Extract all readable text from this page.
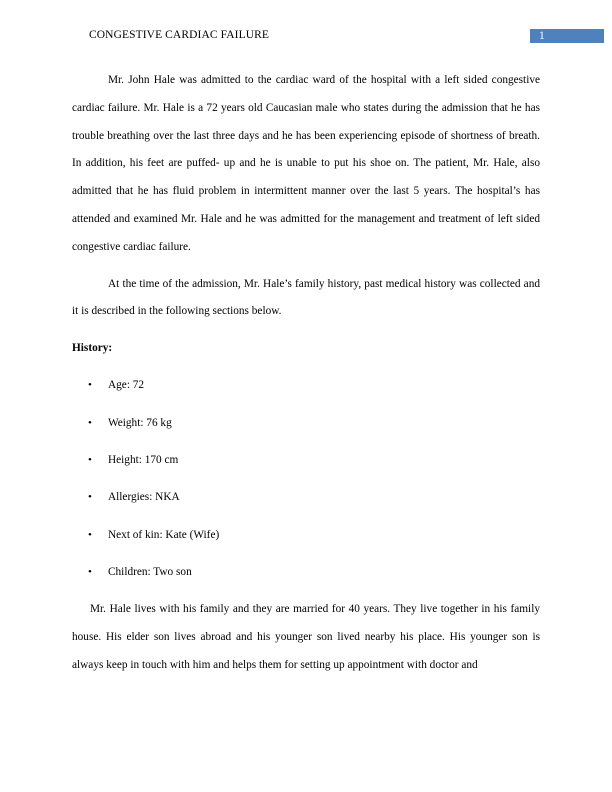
CONGESTIVE CARDIAC FAILURE	1

Mr. John Hale was admitted to the cardiac ward of the hospital with a left sided congestive cardiac failure. Mr. Hale is a 72 years old Caucasian male who states during the admission that he has trouble breathing over the last three days and he has been experiencing episode of shortness of breath. In addition, his feet are puffed- up and he is unable to put his shoe on. The patient, Mr. Hale, also admitted that he has fluid problem in intermittent manner over the last 5 years. The hospital’s has attended and examined Mr. Hale and he was admitted for the management and treatment of left sided congestive cardiac failure.

At the time of the admission, Mr. Hale’s family history, past medical history was collected and it is described in the following sections below.

History:
• Age: 72
• Weight: 76 kg
• Height: 170 cm
• Allergies: NKA
• Next of kin: Kate (Wife)
• Children: Two son

Mr. Hale lives with his family and they are married for 40 years. They live together in his family house. His elder son lives abroad and his younger son lived nearby his place. His younger son is always keep in touch with him and helps them for setting up appointment with doctor and
